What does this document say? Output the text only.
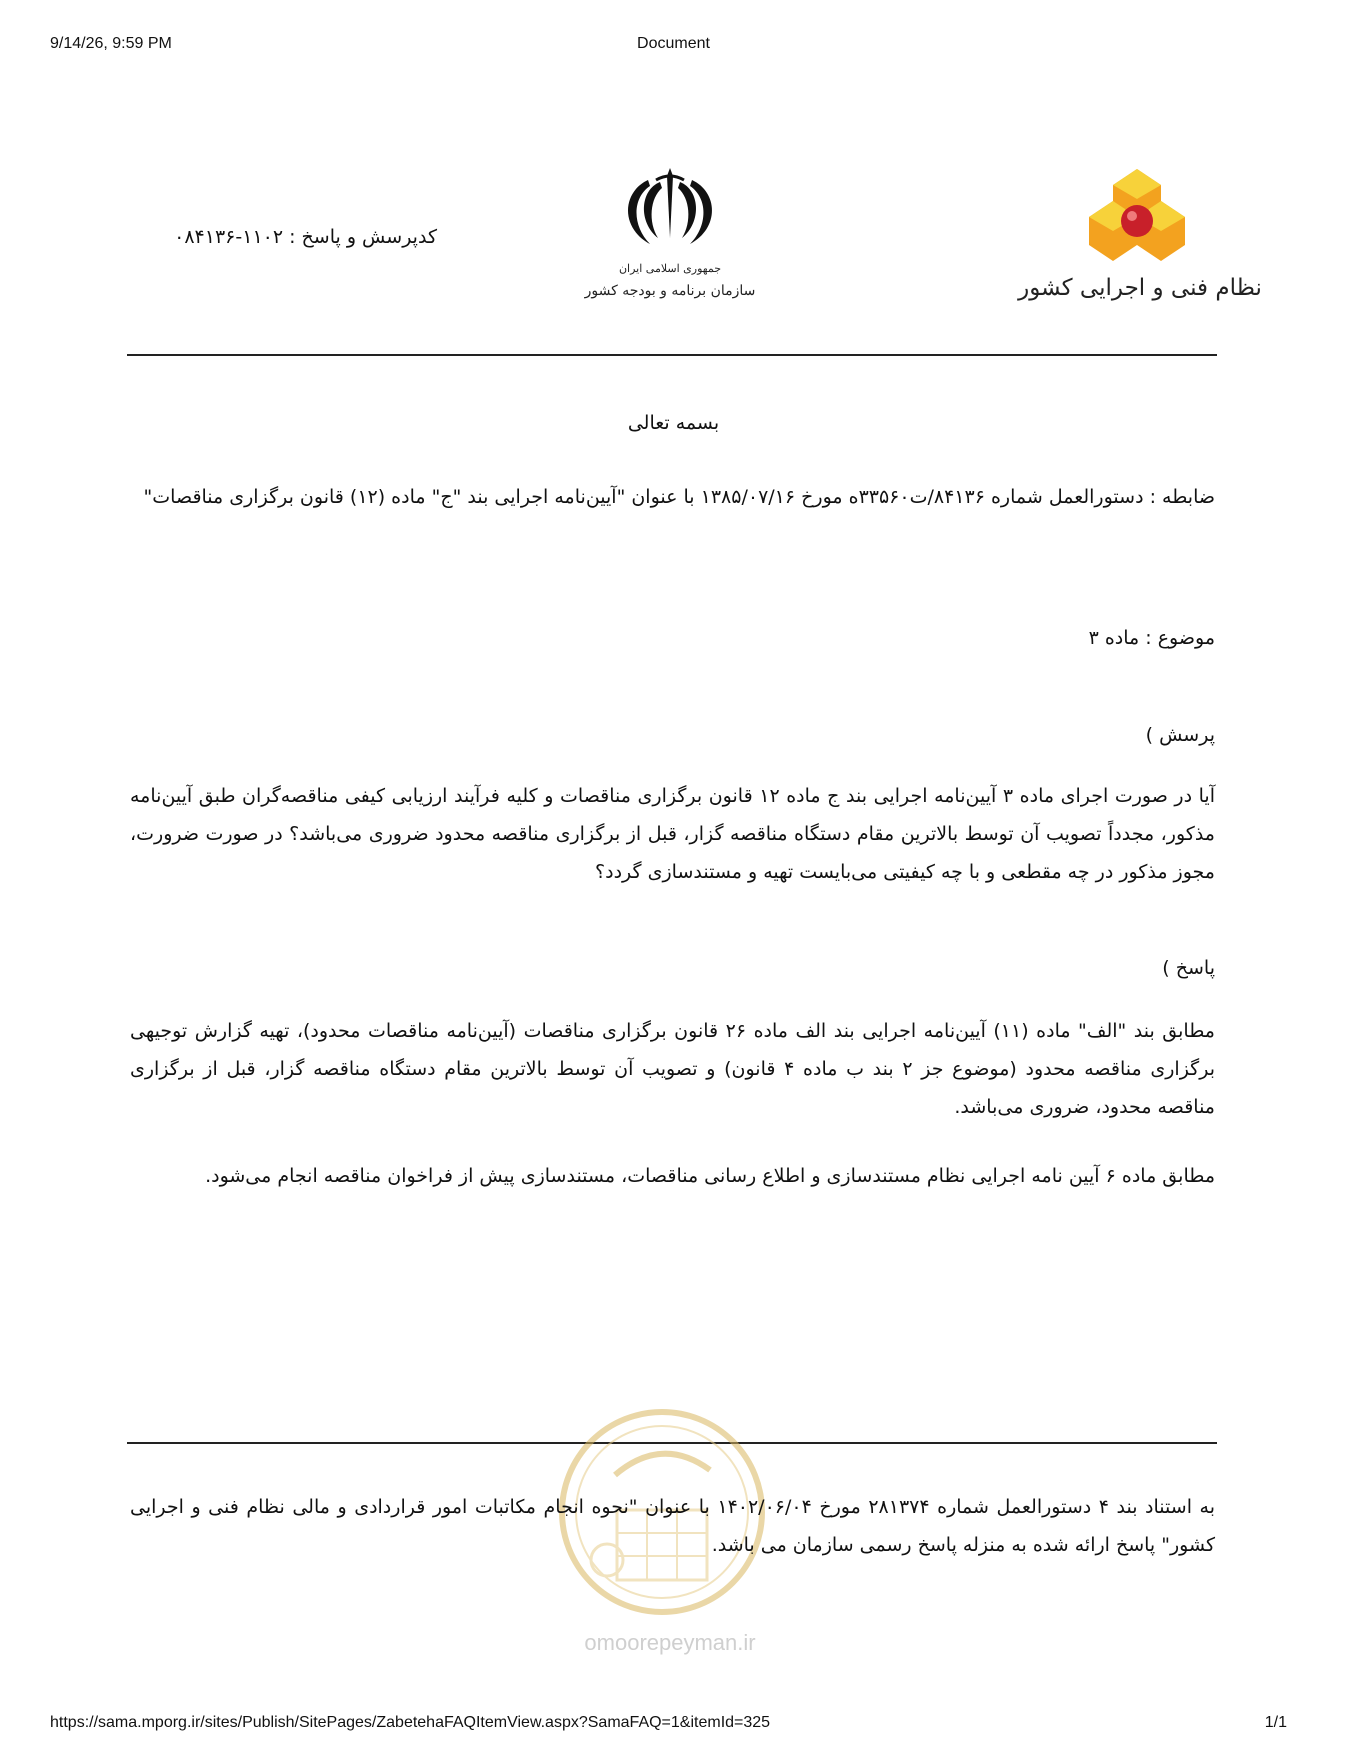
9/14/26, 9:59 PM	Document
نظام فنی و اجرایی کشور
جمهوری اسلامی ایران
سازمان برنامه و بودجه کشور
کدپرسش و پاسخ : ۱۱۰۲-۰۸۴۱۳۶
بسمه تعالی
ضابطه : دستورالعمل شماره ۸۴۱۳۶/ت۳۳۵۶۰ه مورخ ۱۳۸۵/۰۷/۱۶ با عنوان "آیین‌نامه اجرایی بند "ج" ماده (۱۲) قانون برگزاری مناقصات"
موضوع : ماده ۳
پرسش )
آیا در صورت اجرای ماده ۳ آیین‌نامه اجرایی بند ج ماده ۱۲ قانون برگزاری مناقصات و کلیه فرآیند ارزیابی کیفی مناقصه‌گران طبق آیین‌نامه مذکور، مجدداً تصویب آن توسط بالاترین مقام دستگاه مناقصه گزار، قبل از برگزاری مناقصه محدود ضروری می‌باشد؟ در صورت ضرورت، مجوز مذکور در چه مقطعی و با چه کیفیتی می‌بایست تهیه و مستندسازی گردد؟
پاسخ )
مطابق بند "الف" ماده (۱۱) آیین‌نامه اجرایی بند الف ماده ۲۶ قانون برگزاری مناقصات (آیین‌نامه مناقصات محدود)، تهیه گزارش توجیهی برگزاری مناقصه محدود (موضوع جز ۲ بند ب ماده ۴ قانون) و تصویب آن توسط بالاترین مقام دستگاه مناقصه گزار، قبل از برگزاری مناقصه محدود، ضروری می‌باشد.
مطابق ماده ۶ آیین نامه اجرایی نظام مستندسازی و اطلاع رسانی مناقصات، مستندسازی پیش از فراخوان مناقصه انجام می‌شود.
به استناد بند ۴ دستورالعمل شماره ۲۸۱۳۷۴ مورخ ۱۴۰۲/۰۶/۰۴ با عنوان "نحوه انجام مکاتبات امور قراردادی و مالی نظام فنی و اجرایی کشور" پاسخ ارائه شده به منزله پاسخ رسمی سازمان می باشد.
omoorepeyman.ir
https://sama.mporg.ir/sites/Publish/SitePages/ZabetehaFAQItemView.aspx?SamaFAQ=1&itemId=325	1/1
